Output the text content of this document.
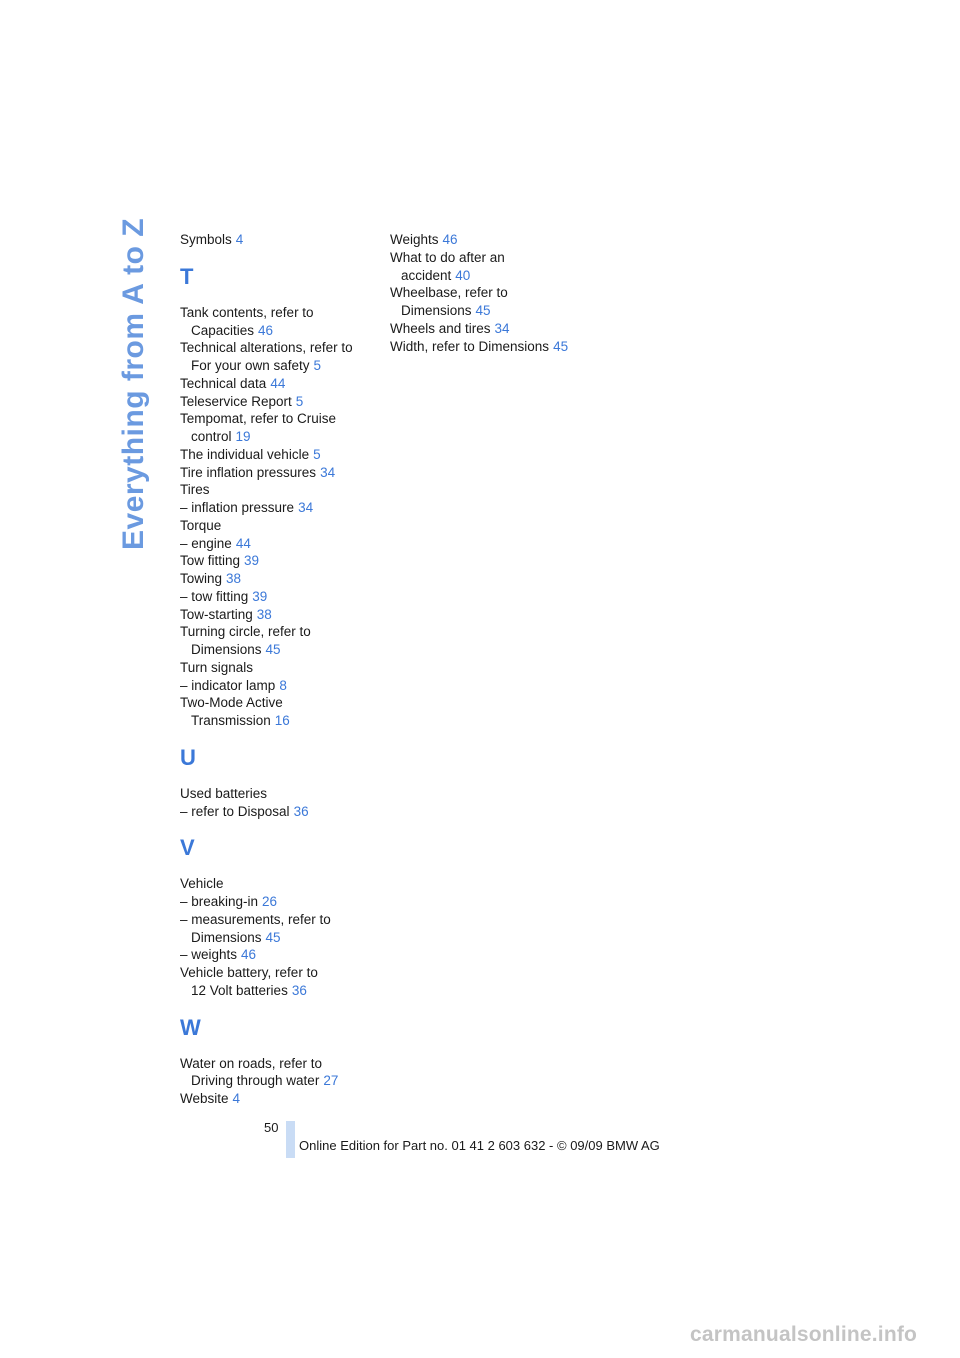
Everything from A to Z Symbols 4
T
Tank contents, refer to
Capacities 46
Technical alterations, refer to
For your own safety 5
Technical data 44
Teleservice Report 5
Tempomat, refer to Cruise
control 19
The individual vehicle 5
Tire inflation pressures 34
Tires
– inflation pressure 34
Torque
– engine 44
Tow fitting 39
Towing 38
– tow fitting 39
Tow-starting 38
Turning circle, refer to
Dimensions 45
Turn signals
– indicator lamp 8
Two-Mode Active
Transmission 16
U
Used batteries
– refer to Disposal 36
V
Vehicle
– breaking-in 26
– measurements, refer to
Dimensions 45
– weights 46
Vehicle battery, refer to
12 Volt batteries 36
W
Water on roads, refer to
Driving through water 27
Website 4
Weights 46
What to do after an
accident 40
Wheelbase, refer to
Dimensions 45
Wheels and tires 34
Width, refer to Dimensions 45
50
Online Edition for Part no. 01 41 2 603 632 - © 09/09 BMW AG
carmanualsonline.info
